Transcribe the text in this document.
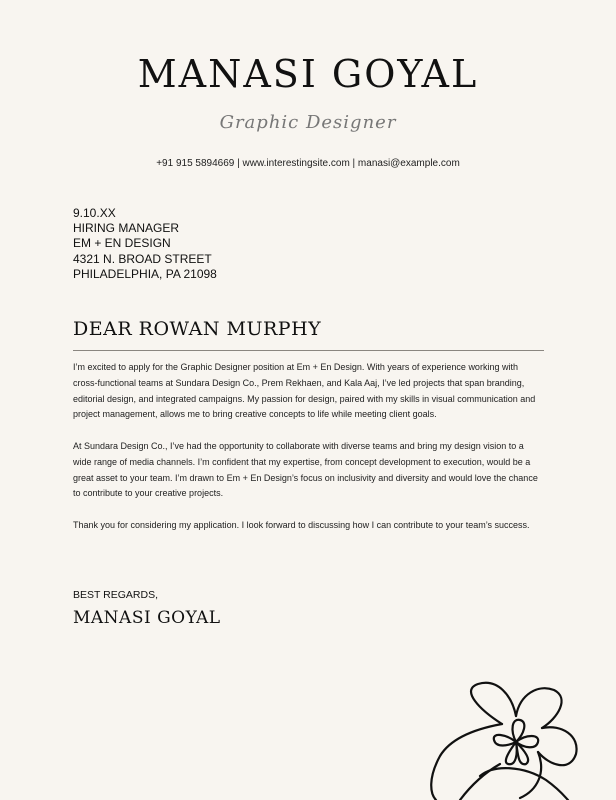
MANASI GOYAL
Graphic Designer
+91 915 5894669 | www.interestingsite.com | manasi@example.com
9.10.XX
HIRING MANAGER
EM + EN DESIGN
4321 N. BROAD STREET
PHILADELPHIA, PA 21098
DEAR ROWAN MURPHY

I’m excited to apply for the Graphic Designer position at Em + En Design. With years of experience working with cross-functional teams at Sundara Design Co., Prem Rekhaen, and Kala Aaj, I’ve led projects that span branding, editorial design, and integrated campaigns. My passion for design, paired with my skills in visual communication and project management, allows me to bring creative concepts to life while meeting client goals.

At Sundara Design Co., I’ve had the opportunity to collaborate with diverse teams and bring my design vision to a wide range of media channels. I’m confident that my expertise, from concept development to execution, would be a great asset to your team. I’m drawn to Em + En Design’s focus on inclusivity and diversity and would love the chance to contribute to your creative projects.

Thank you for considering my application. I look forward to discussing how I can contribute to your team’s success.

BEST REGARDS,
MANASI GOYAL
